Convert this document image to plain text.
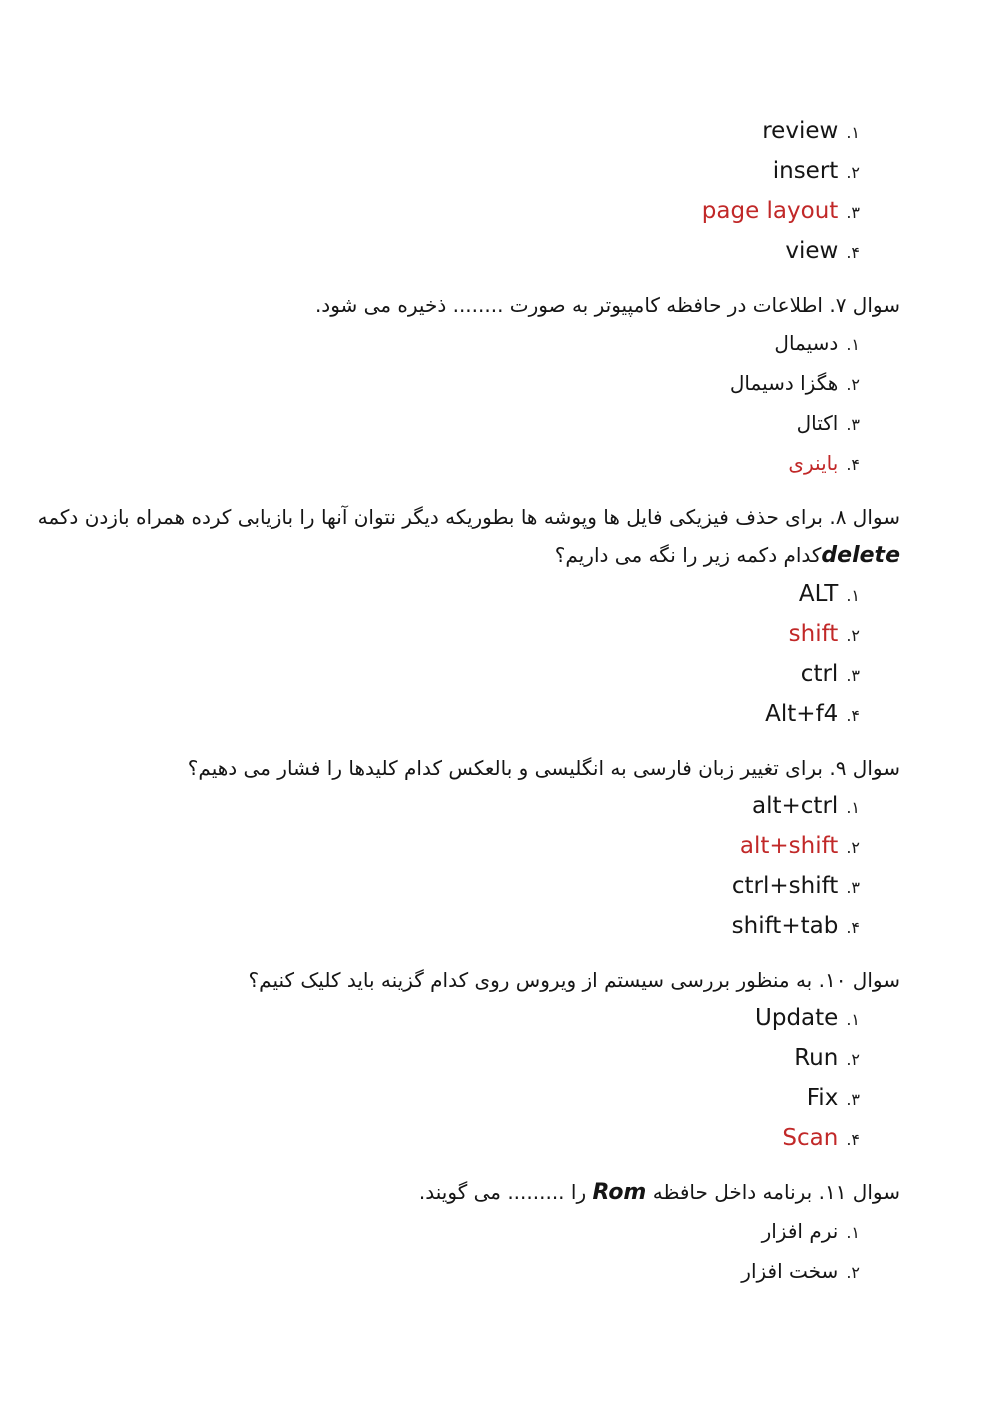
۱.review
۲.insert
۳.page layout
۴.view
سوال ۷. اطلاعات در حافظه کامپیوتر به صورت ........ ذخیره می شود.
۱.دسیمال
۲.هگزا دسیمال
۳.اکتال
۴.باینری
سوال ۸. برای حذف فیزیکی فایل ها وپوشه ها بطوریکه دیگر نتوان آنها را بازیابی کرده همراه بازدن دکمه
deleteکدام دکمه زیر را نگه می داریم؟
۱.ALT
۲.shift
۳.ctrl
۴.Alt+f4
سوال ۹. برای تغییر زبان فارسی به انگلیسی و بالعکس کدام کلیدها را فشار می دهیم؟
۱.alt+ctrl
۲.alt+shift
۳.ctrl+shift
۴.shift+tab
سوال ۱۰. به منظور بررسی سیستم از ویروس روی کدام گزینه باید کلیک کنیم؟
۱.Update
۲.Run
۳.Fix
۴.Scan
سوال ۱۱. برنامه داخل حافظه Rom را ......... می گویند.
۱.نرم افزار
۲.سخت افزار
